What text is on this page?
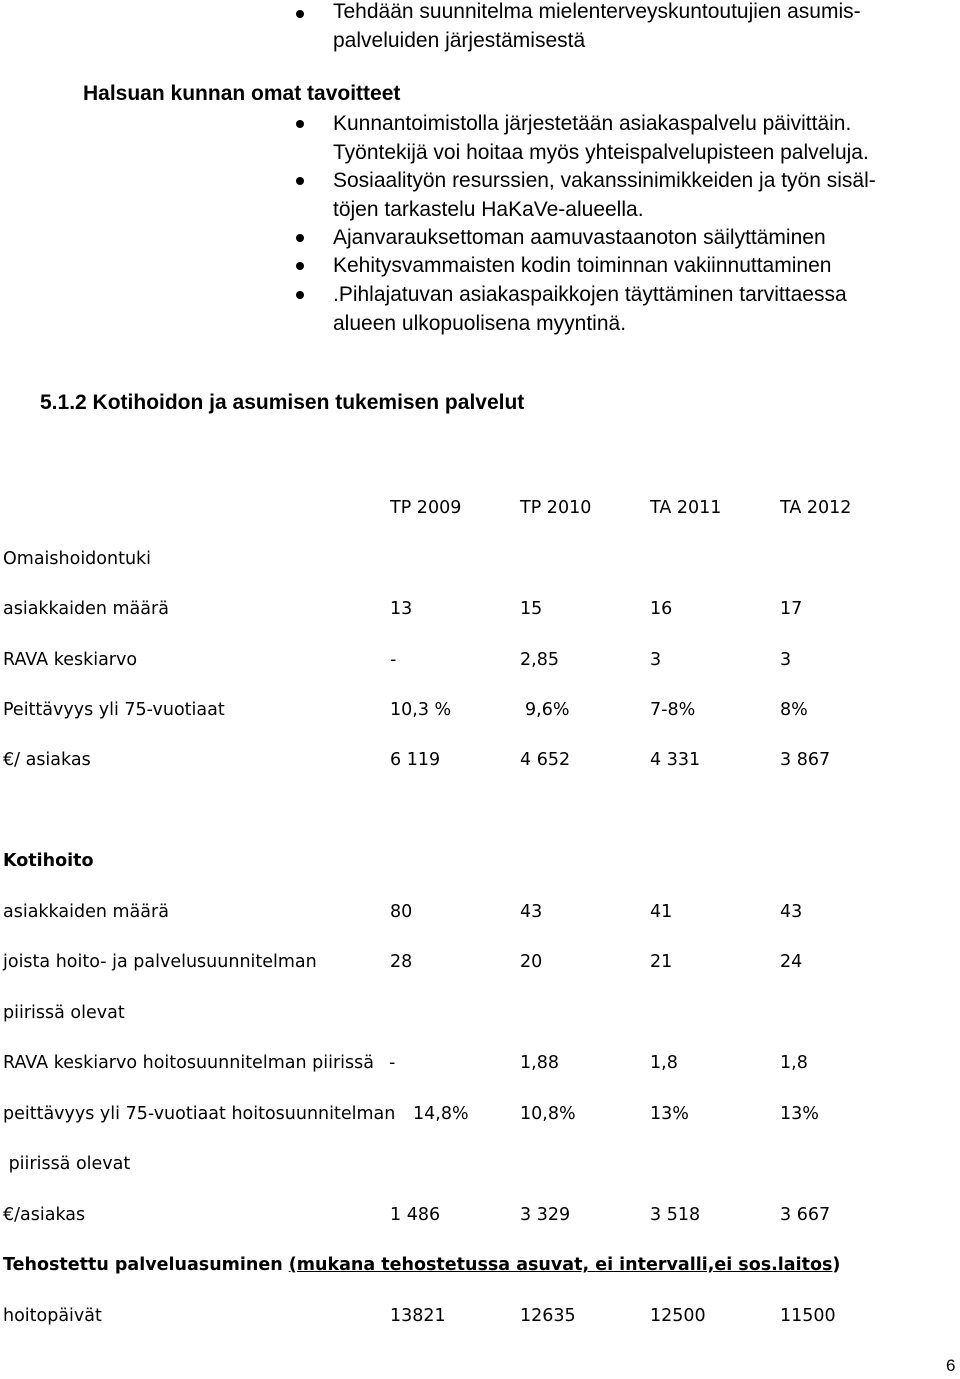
Tehdään suunnitelma mielenterveyskuntoutujien asumis-
palveluiden järjestämisestä
Halsuan kunnan omat tavoitteet
Kunnantoimistolla järjestetään asiakaspalvelu päivittäin.
Työntekijä voi hoitaa myös yhteispalvelupisteen palveluja.
Sosiaalityön resurssien, vakanssinimikkeiden ja työn sisäl-
töjen tarkastelu HaKaVe-alueella.
Ajanvarauksettoman aamuvastaanoton säilyttäminen
Kehitysvammaisten kodin toiminnan vakiinnuttaminen
.Pihlajatuvan asiakaspaikkojen täyttäminen tarvittaessa
alueen ulkopuolisena myyntinä.
5.1.2 Kotihoidon ja asumisen tukemisen palvelut
TP 2009	TP 2010	TA 2011	TA 2012
Omaishoidontuki
asiakkaiden määrä	13	15	16	17
RAVA keskiarvo	-	2,85	3	3
Peittävyys yli 75-vuotiaat	10,3 %	9,6%	7-8%	8%
€/ asiakas	6 119	4 652	4 331	3 867
Kotihoito
asiakkaiden määrä	80	43	41	43
joista hoito- ja palvelusuunnitelman	28	20	21	24
piirissä olevat
RAVA keskiarvo hoitosuunnitelman piirissä -	1,88	1,8	1,8
peittävyys yli 75-vuotiaat hoitosuunnitelman 14,8%	10,8%	13%	13%
piirissä olevat
€/asiakas	1 486	3 329	3 518	3 667
Tehostettu palveluasuminen (mukana tehostetussa asuvat, ei intervalli,ei sos.laitos)
hoitopäivät	13821	12635	12500	11500
6
